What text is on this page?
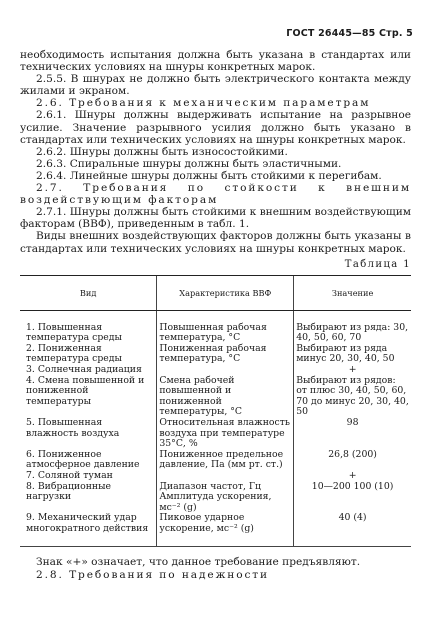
ГОСТ 26445—85 Стр. 5

необходимость испытания должна быть указана в стандартах или технических условиях на шнуры конкретных марок.

2.5.5. В шнурах не должно быть электрического контакта между жилами и экраном.

2.6. Требования к механическим параметрам

2.6.1. Шнуры должны выдерживать испытание на разрывное усилие. Значение разрывного усилия должно быть указано в стандартах или технических условиях на шнуры конкретных марок.

2.6.2. Шнуры должны быть износостойкими.

2.6.3. Спиральные шнуры должны быть эластичными.

2.6.4. Линейные шнуры должны быть стойкими к перегибам.

2.7. Требования по стойкости к внешним воздействующим факторам

2.7.1. Шнуры должны быть стойкими к внешним воздействующим факторам (ВВФ), приведенным в табл. 1.

Виды внешних воздействующих факторов должны быть указаны в стандартах или технических условиях на шнуры конкретных марок.

Таблица 1
Вид	Характеристика ВВФ	Значение
1. Повышенная температура среды	Повышенная рабочая температура, °С	Выбирают из ряда: 30, 40, 50, 60, 70
2. Пониженная температура среды	Пониженная рабочая температура, °С	Выбирают из ряда минус 20, 30, 40, 50
3. Солнечная радиация		+
4. Смена повышенной и пониженной температуры	Смена рабочей повышенной и пониженной температуры, °С	Выбирают из рядов: от плюс 30, 40, 50, 60, 70 до минус 20, 30, 40, 50
5. Повышенная влажность воздуха	Относительная влажность воздуха при температуре 35°С, %	98
6. Пониженное атмосферное давление	Пониженное предельное давление, Па (мм рт. ст.)	26,8 (200)
7. Соляной туман		+
8. Вибрационные нагрузки	Диапазон частот, Гц Амплитуда ускорения, мс⁻² (g)	10—200 100 (10)
9. Механический удар многократного действия	Пиковое ударное ускорение, мс⁻² (g)	40 (4)

Знак «+» означает, что данное требование предъявляют.

2.8. Требования по надежности
